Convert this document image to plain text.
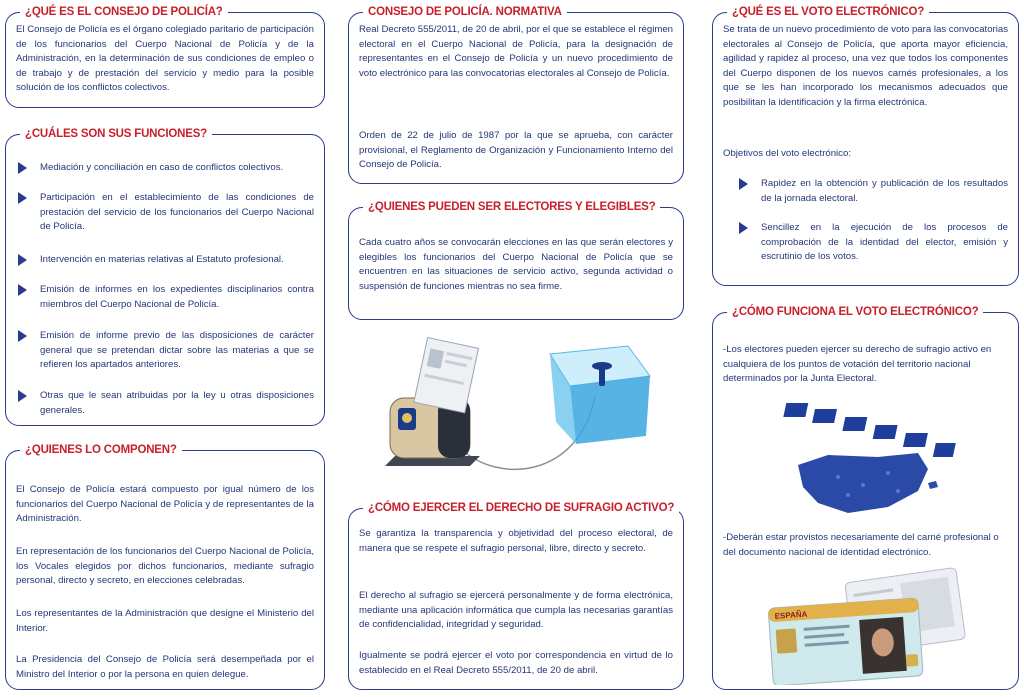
¿QUÉ ES EL CONSEJO DE POLICÍA?
El Consejo de Policía es el órgano colegiado paritario de participación de los funcionarios del Cuerpo Nacional de Policía y de la Administración, en la determinación de sus condiciones de empleo o de trabajo y de prestación del servicio y medio para la posible solución de los conflictos colectivos.
¿CUÁLES SON SUS FUNCIONES?
Mediación y conciliación en caso de conflictos colectivos.
Participación en el establecimiento de las condiciones de prestación del servicio de los funcionarios del Cuerpo Nacional de Policía.
Intervención en materias relativas al Estatuto profesional.
Emisión de informes en los expedientes disciplinarios contra miembros del Cuerpo Nacional de Policía.
Emisión de informe previo de las disposiciones de carácter general que se pretendan dictar sobre las materias a que se refieren los apartados anteriores.
Otras que le sean atribuidas por la ley u otras disposiciones generales.
¿QUIENES LO COMPONEN?
El Consejo de Policía estará compuesto por igual número de los funcionarios del Cuerpo Nacional de Policía y de representantes de la Administración.
En representación de los funcionarios del Cuerpo Nacional de Policía, los Vocales elegidos por dichos funcionarios, mediante sufragio personal, directo y secreto, en elecciones celebradas.
Los representantes de la Administración que designe el Ministerio del Interior.
La Presidencia del Consejo de Policía será desempeñada por el Ministro del Interior o por la persona en quien delegue.
CONSEJO DE POLICÍA. NORMATIVA
Real Decreto 555/2011, de 20 de abril, por el que se establece el régimen electoral en el Cuerpo Nacional de Policía, para la designación de representantes en el Consejo de Policía y un nuevo procedimiento de voto electrónico para las convocatorias electorales al Consejo de Policía.
Orden de 22 de julio de 1987 por la que se aprueba, con carácter provisional, el Reglamento de Organización y Funcionamiento Interno del Consejo de Policía.
¿QUIENES PUEDEN SER ELECTORES Y ELEGIBLES?
Cada cuatro años se convocarán elecciones en las que serán electores y elegibles los funcionarios del Cuerpo Nacional de Policía que se encuentren en las situaciones de servicio activo, segunda actividad o suspensión de funciones mientras no sea firme.
¿CÓMO EJERCER EL DERECHO DE SUFRAGIO ACTIVO?
Se garantiza la transparencia y objetividad del proceso electoral, de manera que se respete el sufragio personal, libre, directo y secreto.
El derecho al sufragio se ejercerá personalmente y de forma electrónica, mediante una aplicación informática que cumpla las necesarias garantías de confidencialidad, integridad y seguridad.
Igualmente se podrá ejercer el voto por correspondencia en virtud de lo establecido en el Real Decreto 555/2011, de 20 de abril.
¿QUÉ ES EL VOTO ELECTRÓNICO?
Se trata de un nuevo procedimiento de voto para las convocatorias electorales al Consejo de Policía, que aporta mayor eficiencia, agilidad y rapidez al proceso, una vez que todos los componentes del Cuerpo disponen de los nuevos carnés profesionales, a los que se les han incorporado los mecanismos adecuados que posibilitan la identificación y la firma electrónica.
Objetivos del voto electrónico:
Rapidez en la obtención y publicación de los resultados de la jornada electoral.
Sencillez en la ejecución de los procesos de comprobación de la identidad del elector, emisión y escrutinio de los votos.
¿CÓMO FUNCIONA EL VOTO ELECTRÓNICO?
-Los electores pueden ejercer su derecho de sufragio activo en cualquiera de los puntos de votación del territorio nacional determinados por la Junta Electoral.
-Deberán estar provistos necesariamente del carné profesional o del documento nacional de identidad electrónico.
ESPAÑA
